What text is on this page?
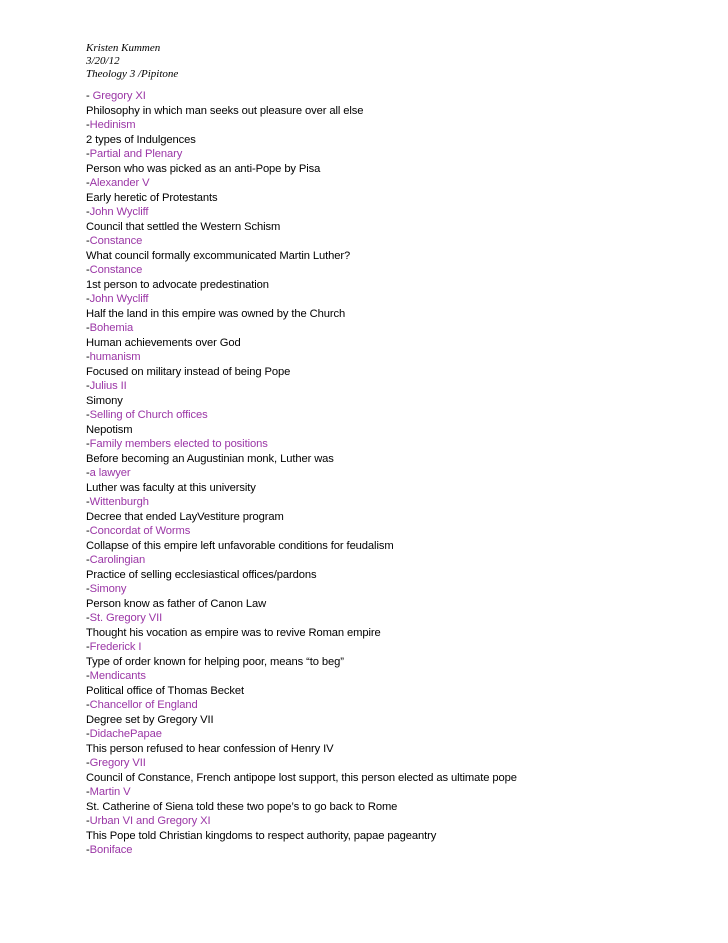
Kristen Kummen
3/20/12
Theology 3 /Pipitone
- Gregory XI
Philosophy in which man seeks out pleasure over all else
-Hedinism
2 types of Indulgences
-Partial and Plenary
Person who was picked as an anti-Pope by Pisa
-Alexander V
Early heretic of Protestants
-John Wycliff
Council that settled the Western Schism
-Constance
What council formally excommunicated Martin Luther?
-Constance
1st person to advocate predestination
-John Wycliff
Half the land in this empire was owned by the Church
-Bohemia
Human achievements over God
-humanism
Focused on military instead of being Pope
-Julius II
Simony
-Selling of Church offices
Nepotism
-Family members elected to positions
Before becoming an Augustinian monk, Luther was
-a lawyer
Luther was faculty at this university
-Wittenburgh
Decree that ended LayVestiture program
-Concordat of Worms
Collapse of this empire left unfavorable conditions for feudalism
-Carolingian
Practice of selling ecclesiastical offices/pardons
-Simony
Person know as father of Canon Law
-St. Gregory VII
Thought his vocation as empire was to revive Roman empire
-Frederick I
Type of order known for helping poor, means “to beg”
-Mendicants
Political office of Thomas Becket
-Chancellor of England
Degree set by Gregory VII
-DidachePapae
This person refused to hear confession of Henry IV
-Gregory VII
Council of Constance, French antipope lost support, this person elected as ultimate pope
-Martin V
St. Catherine of Siena told these two pope’s to go back to Rome
-Urban VI and Gregory XI
This Pope told Christian kingdoms to respect authority, papae pageantry
-Boniface
